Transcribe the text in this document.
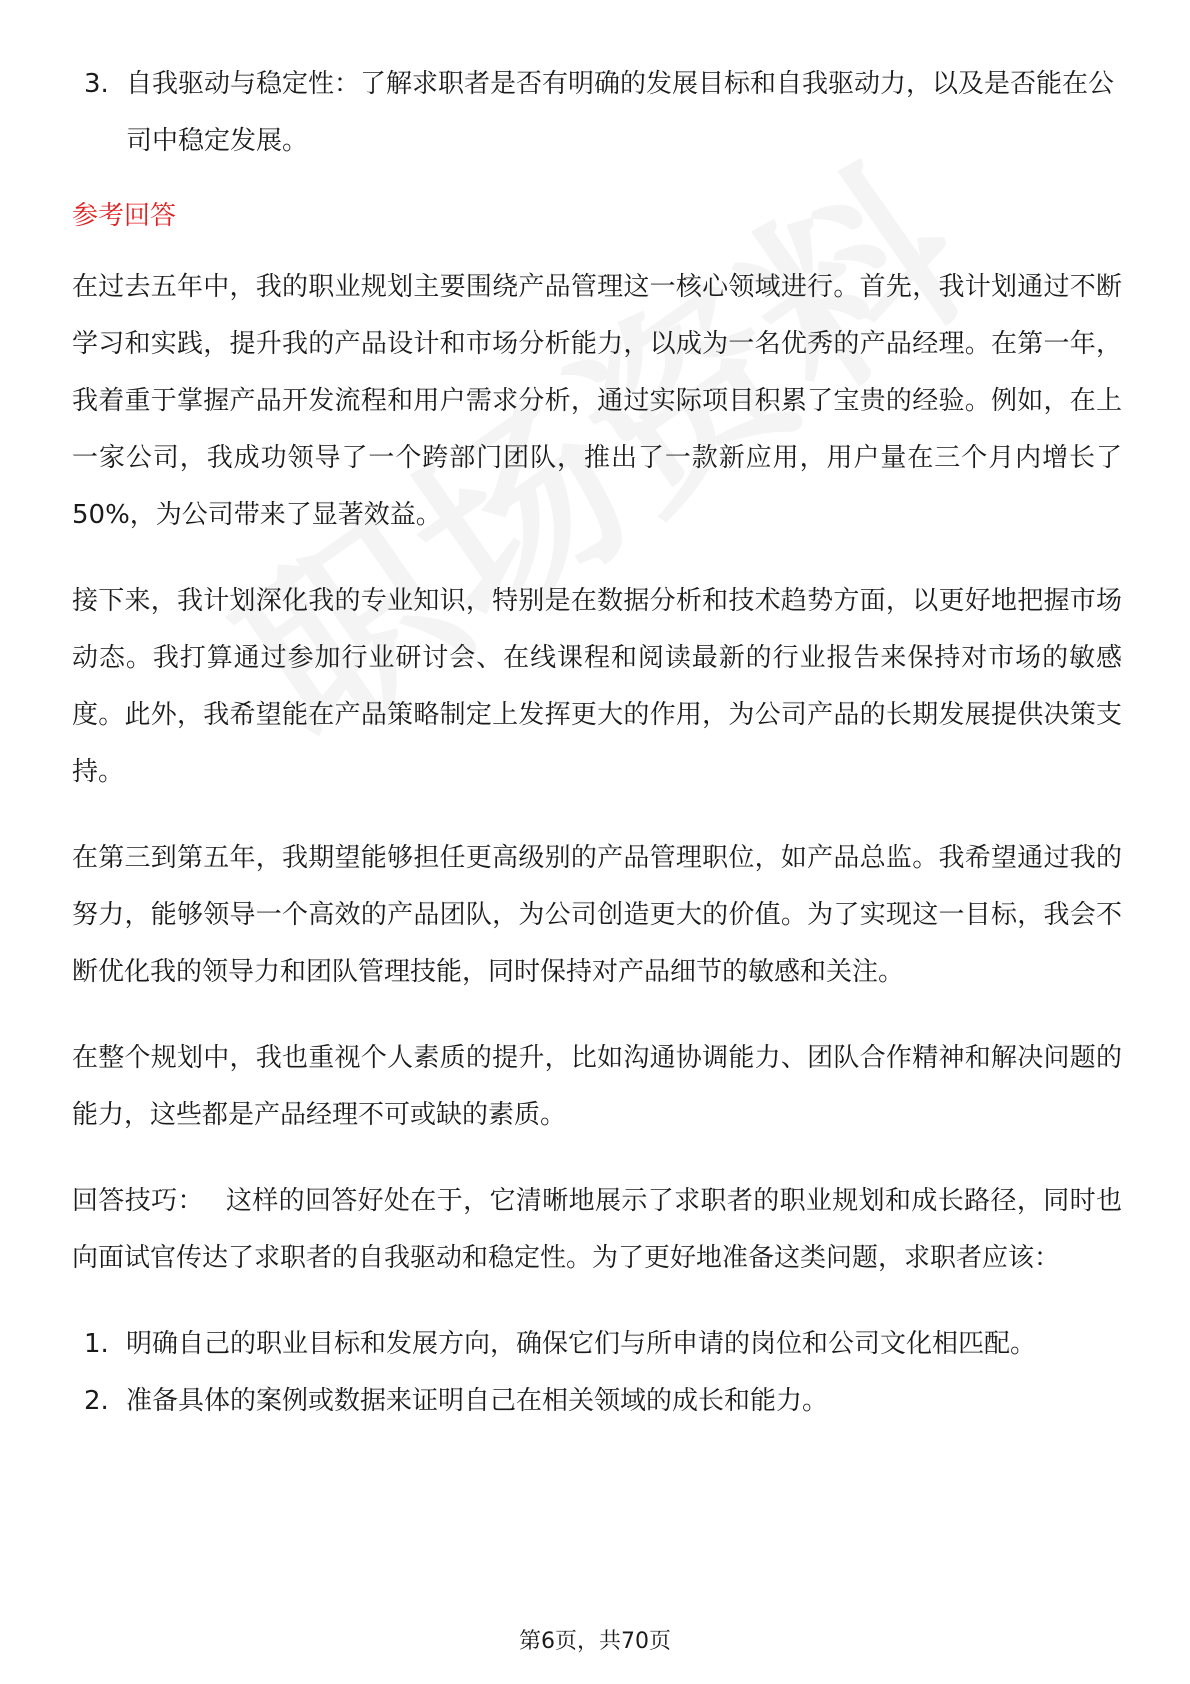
3. 自我驱动与稳定性：了解求职者是否有明确的发展目标和自我驱动力，以及是否能在公司中稳定发展。
参考回答

在过去五年中，我的职业规划主要围绕产品管理这一核心领域进行。首先，我计划通过不断学习和实践，提升我的产品设计和市场分析能力，以成为一名优秀的产品经理。在第一年，我着重于掌握产品开发流程和用户需求分析，通过实际项目积累了宝贵的经验。例如，在上一家公司，我成功领导了一个跨部门团队，推出了一款新应用，用户量在三个月内增长了50%，为公司带来了显著效益。

接下来，我计划深化我的专业知识，特别是在数据分析和技术趋势方面，以更好地把握市场动态。我打算通过参加行业研讨会、在线课程和阅读最新的行业报告来保持对市场的敏感度。此外，我希望能在产品策略制定上发挥更大的作用，为公司产品的长期发展提供决策支持。

在第三到第五年，我期望能够担任更高级别的产品管理职位，如产品总监。我希望通过我的努力，能够领导一个高效的产品团队，为公司创造更大的价值。为了实现这一目标，我会不断优化我的领导力和团队管理技能，同时保持对产品细节的敏感和关注。

在整个规划中，我也重视个人素质的提升，比如沟通协调能力、团队合作精神和解决问题的能力，这些都是产品经理不可或缺的素质。

回答技巧： 这样的回答好处在于，它清晰地展示了求职者的职业规划和成长路径，同时也向面试官传达了求职者的自我驱动和稳定性。为了更好地准备这类问题，求职者应该：

1. 明确自己的职业目标和发展方向，确保它们与所申请的岗位和公司文化相匹配。
2. 准备具体的案例或数据来证明自己在相关领域的成长和能力。
第6页，共70页
